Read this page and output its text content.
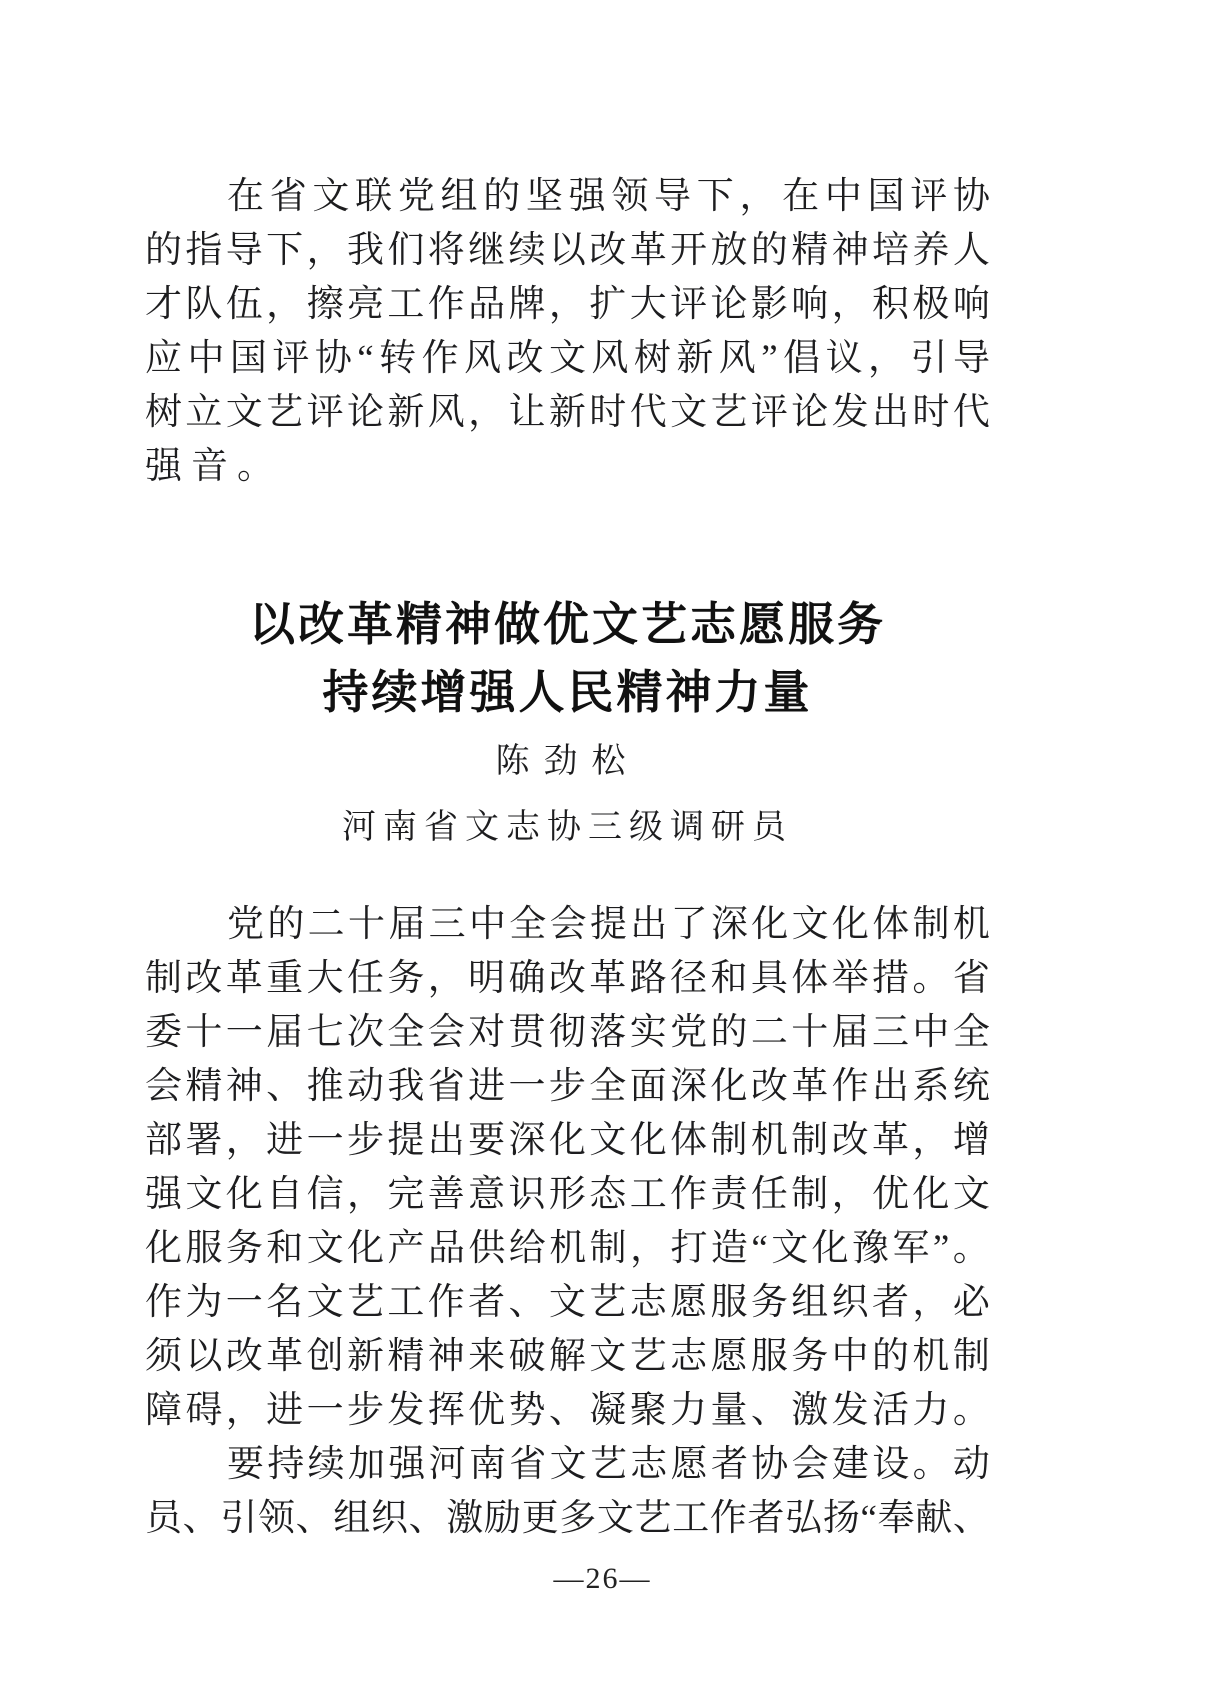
在 省 文 联 党 组 的 坚 强 领 导 下 ， 在 中 国 评 协
的 指 导 下 ， 我 们 将 继 续 以 改 革 开 放 的 精 神 培 养 人
才 队 伍 ， 擦 亮 工 作 品 牌 ， 扩 大 评 论 影 响 ， 积 极 响
应 中 国 评 协 “ 转 作 风 改 文 风 树 新 风 ” 倡 议 ， 引 导
树 立 文 艺 评 论 新 风 ， 让 新 时 代 文 艺 评 论 发 出 时 代
强音。
以改革精神做优文艺志愿服务
持续增强人民精神力量
陈劲松
河南省文志协三级调研员
党 的 二 十 届 三 中 全 会 提 出 了 深 化 文 化 体 制 机
制 改 革 重 大 任 务 ， 明 确 改 革 路 径 和 具 体 举 措 。 省
委 十 一 届 七 次 全 会 对 贯 彻 落 实 党 的 二 十 届 三 中 全
会 精 神 、 推 动 我 省 进 一 步 全 面 深 化 改 革 作 出 系 统
部 署 ， 进 一 步 提 出 要 深 化 文 化 体 制 机 制 改 革 ， 增
强 文 化 自 信 ， 完 善 意 识 形 态 工 作 责 任 制 ， 优 化 文
化 服 务 和 文 化 产 品 供 给 机 制 ， 打 造 “ 文 化 豫 军 ” 。
作 为 一 名 文 艺 工 作 者 、 文 艺 志 愿 服 务 组 织 者 ， 必
须 以 改 革 创 新 精 神 来 破 解 文 艺 志 愿 服 务 中 的 机 制
障 碍 ， 进 一 步 发 挥 优 势 、 凝 聚 力 量 、 激 发 活 力 。
要 持 续 加 强 河 南 省 文 艺 志 愿 者 协 会 建 设 。 动
员 、 引 领 、 组 织 、 激 励 更 多 文 艺 工 作 者 弘 扬 “ 奉 献 、
—26—
